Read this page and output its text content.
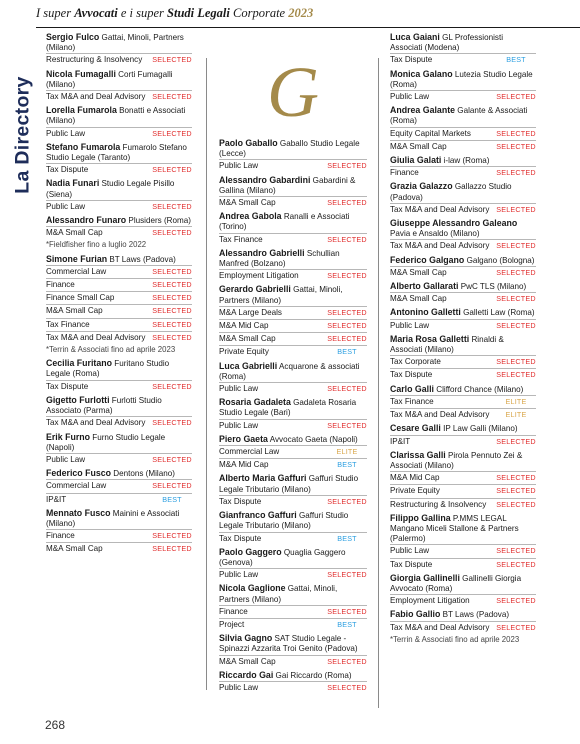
I super Avvocati e i super Studi Legali Corporate 2023
La Directory
Sergio Fulco Gattai, Minoli, Partners (Milano)
Restructuring & Insolvency	SELECTED
Nicola Fumagalli Corti Fumagalli (Milano)
Tax M&A and Deal Advisory SELECTED
Lorella Fumarola Bonatti e Associati (Milano)
Public Law	SELECTED
Stefano Fumarola Fumarolo Stefano Studio Legale (Taranto)
Tax Dispute	SELECTED
Nadia Funari Studio Legale Pisillo (Siena)
Public Law	SELECTED
Alessandro Funaro Plusiders (Roma)
M&A Small Cap	SELECTED
*Fieldfisher fino a luglio 2022
Simone Furian BT Laws (Padova)
Commercial Law	SELECTED
Finance	SELECTED
Finance Small Cap	SELECTED
M&A Small Cap	SELECTED
Tax Finance	SELECTED
Tax M&A and Deal Advisory SELECTED
*Terrin & Associati fino ad aprile 2023
Cecilia Furitano Furitano Studio Legale (Roma)
Tax Dispute	SELECTED
Gigetto Furlotti Furlotti Studio Associato (Parma)
Tax M&A and Deal Advisory SELECTED
Erik Furno Furno Studio Legale (Napoli)
Public Law	SELECTED
Federico Fusco Dentons (Milano)
Commercial Law	SELECTED
IP&IT	BEST
Mennato Fusco Mainini e Associati (Milano)
Finance	SELECTED
M&A Small Cap	SELECTED
G
Paolo Gaballo Gaballo Studio Legale (Lecce)
Public Law	SELECTED
Alessandro Gabardini Gabardini & Gallina (Milano)
M&A Small Cap	SELECTED
Andrea Gabola Ranalli e Associati (Torino)
Tax Finance	SELECTED
Alessandro Gabrielli Schullian Manfred (Bolzano)
Employment Litigation	SELECTED
Gerardo Gabrielli Gattai, Minoli, Partners (Milano)
M&A Large Deals	SELECTED
M&A Mid Cap	SELECTED
M&A Small Cap	SELECTED
Private Equity	BEST
Luca Gabrielli Acquarone & associati (Roma)
Public Law	SELECTED
Rosaria Gadaleta Gadaleta Rosaria Studio Legale (Bari)
Public Law	SELECTED
Piero Gaeta Avvocato Gaeta (Napoli)
Commercial Law	ELITE
M&A Mid Cap	BEST
Alberto Maria Gaffuri Gaffuri Studio Legale Tributario (Milano)
Tax Dispute	SELECTED
Gianfranco Gaffuri Gaffuri Studio Legale Tributario (Milano)
Tax Dispute	BEST
Paolo Gaggero Quaglia Gaggero (Genova)
Public Law	SELECTED
Nicola Gaglione Gattai, Minoli, Partners (Milano)
Finance	SELECTED
Project	BEST
Silvia Gagno SAT Studio Legale - Spinazzi Azzarita Troi Genito (Padova)
M&A Small Cap	SELECTED
Riccardo Gai Gai Riccardo (Roma)
Public Law	SELECTED
Luca Gaiani GL Professionisti Associati (Modena)
Tax Dispute	BEST
Monica Galano Lutezia Studio Legale (Roma)
Public Law	SELECTED
Andrea Galante Galante & Associati (Roma)
Equity Capital Markets	SELECTED
M&A Small Cap	SELECTED
Giulia Galati i-law (Roma)
Finance	SELECTED
Grazia Galazzo Gallazzo Studio (Padova)
Tax M&A and Deal Advisory SELECTED
Giuseppe Alessandro Galeano Pavia e Ansaldo (Milano)
Tax M&A and Deal Advisory SELECTED
Federico Galgano Galgano (Bologna)
M&A Small Cap	SELECTED
Alberto Gallarati PwC TLS (Milano)
M&A Small Cap	SELECTED
Antonino Galletti Galletti Law (Roma)
Public Law	SELECTED
Maria Rosa Galletti Rinaldi & Associati (Milano)
Tax Corporate	SELECTED
Tax Dispute	SELECTED
Carlo Galli Clifford Chance (Milano)
Tax Finance	ELITE
Tax M&A and Deal Advisory	ELITE
Cesare Galli IP Law Galli (Milano)
IP&IT	SELECTED
Clarissa Galli Pirola Pennuto Zei & Associati (Milano)
M&A Mid Cap	SELECTED
Private Equity	SELECTED
Restructuring & Insolvency	SELECTED
Filippo Gallina P.MMS LEGAL Mangano Miceli Stallone & Partners (Palermo)
Public Law	SELECTED
Tax Dispute	SELECTED
Giorgia Gallinelli Gallinelli Giorgia Avvocato (Roma)
Employment Litigation	SELECTED
Fabio Gallio BT Laws (Padova)
Tax M&A and Deal Advisory SELECTED
*Terrin & Associati fino ad aprile 2023
268
